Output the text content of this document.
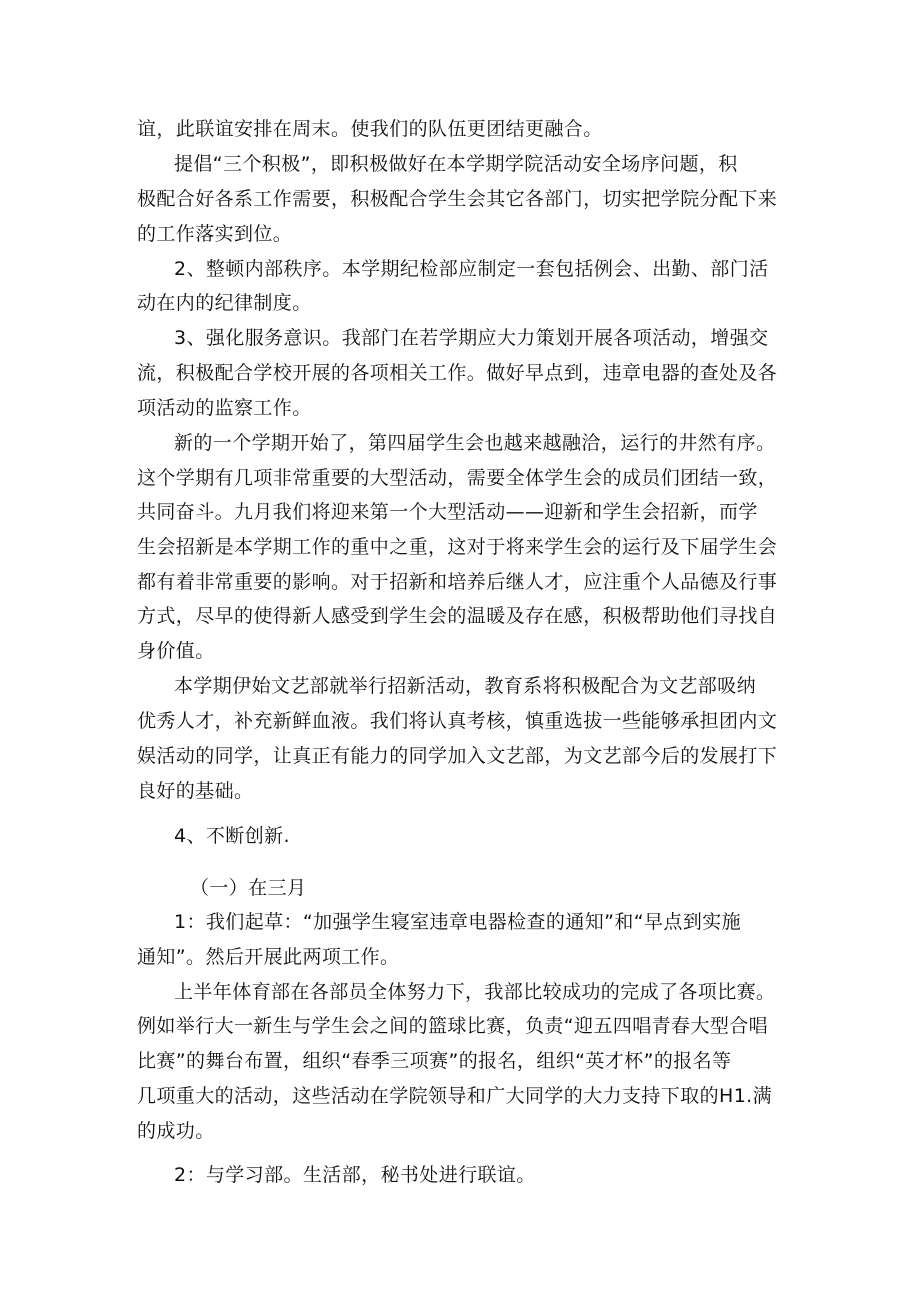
谊，此联谊安排在周末。使我们的队伍更团结更融合。
提倡“三个积极”，即积极做好在本学期学院活动安全场序问题，积
极配合好各系工作需要，积极配合学生会其它各部门，切实把学院分配下来
的工作落实到位。
2、整顿内部秩序。本学期纪检部应制定一套包括例会、出勤、部门活
动在内的纪律制度。
3、强化服务意识。我部门在若学期应大力策划开展各项活动，增强交
流，积极配合学校开展的各项相关工作。做好早点到，违章电器的查处及各
项活动的监察工作。
新的一个学期开始了，第四届学生会也越来越融洽，运行的井然有序。
这个学期有几项非常重要的大型活动，需要全体学生会的成员们团结一致，
共同奋斗。九月我们将迎来第一个大型活动——迎新和学生会招新，而学
生会招新是本学期工作的重中之重，这对于将来学生会的运行及下届学生会
都有着非常重要的影响。对于招新和培养后继人才，应注重个人品德及行事
方式，尽早的使得新人感受到学生会的温暖及存在感，积极帮助他们寻找自
身价值。
本学期伊始文艺部就举行招新活动，教育系将积极配合为文艺部吸纳
优秀人才，补充新鲜血液。我们将认真考核，慎重选拔一些能够承担团内文
娱活动的同学，让真正有能力的同学加入文艺部，为文艺部今后的发展打下
良好的基础。
4、不断创新.
（一）在三月
1：我们起草：“加强学生寝室违章电器检查的通知”和“早点到实施
通知”。然后开展此两项工作。
上半年体育部在各部员全体努力下，我部比较成功的完成了各项比赛。
例如举行大一新生与学生会之间的篮球比赛，负责“迎五四唱青春大型合唱
比赛”的舞台布置，组织“春季三项赛”的报名，组织“英才杯”的报名等
几项重大的活动，这些活动在学院领导和广大同学的大力支持下取的H1.满
的成功。
2：与学习部。生活部，秘书处进行联谊。
